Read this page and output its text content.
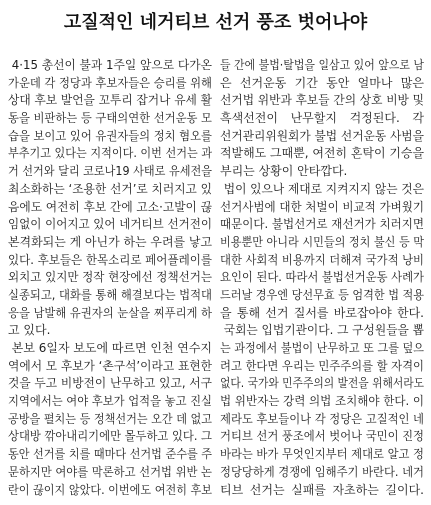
고질적인 네거티브 선거 풍조 벗어나야
4·15 총선이 불과 1주일 앞으로 다가온
가운데 각 정당과 후보자들은 승리를 위해
상대 후보 발언을 꼬투리 잡거나 유세 활
동을 비판하는 등 구태의연한 선거운동 모
습을 보이고 있어 유권자들의 정치 혐오를
부추기고 있다는 지적이다. 이번 선거는 과
거 선거와 달리 코로나19 사태로 유세전을
최소화하는 ‘조용한 선거’로 치러지고 있
음에도 여전히 후보 간에 고소·고발이 끊
임없이 이어지고 있어 네거티브 선거전이
본격화되는 게 아닌가 하는 우려를 낳고
있다. 후보들은 한목소리로 페어플레이를
외치고 있지만 정작 현장에선 정책선거는
실종되고, 대화를 통해 해결보다는 법적대
응을 남발해 유권자의 눈살을 찌푸리게 하
고 있다.
본보 6일자 보도에 따르면 인천 연수지
역에서 모 후보가 ‘촌구석’이라고 표현한
것을 두고 비방전이 난무하고 있고, 서구
지역에서는 여야 후보가 업적을 놓고 진실
공방을 펼치는 등 정책선거는 오간 데 없고
상대방 깎아내리기에만 몰두하고 있다. 그
동안 선거를 치를 때마다 선거법 준수를 주
문하지만 여야를 막론하고 선거법 위반 논
란이 끊이지 않았다. 이번에도 여전히 후보
들 간에 불법·탈법을 일삼고 있어 앞으로 남
은 선거운동 기간 동안 얼마나 많은
선거법 위반과 후보들 간의 상호 비방 및
흑색선전이 난무할지 걱정된다. 각
선거관리위원회가 불법 선거운동 사범을
적발해도 그때뿐, 여전히 혼탁이 기승을
부리는 상황이 안타깝다.
법이 있으나 제대로 지켜지지 않는 것은
선거사범에 대한 처벌이 비교적 가벼웠기
때문이다. 불법선거로 재선거가 치러지면
비용뿐만 아니라 시민들의 정치 불신 등 막
대한 사회적 비용까지 더해져 국가적 낭비
요인이 된다. 따라서 불법선거운동 사례가
드러날 경우엔 당선무효 등 엄격한 법 적용
을 통해 선거 질서를 바로잡아야 한다.
국회는 입법기관이다. 그 구성원들을 뽑
는 과정에서 불법이 난무하고 또 그를 덮으
려고 한다면 우리는 민주주의를 할 자격이
없다. 국가와 민주주의의 발전을 위해서라도
법 위반자는 강력 의법 조치해야 한다. 이
제라도 후보들이나 각 정당은 고질적인 네
거티브 선거 풍조에서 벗어나 국민이 진정
바라는 바가 무엇인지부터 제대로 알고 정
정당당하게 경쟁에 임해주기 바란다. 네거
티브 선거는 실패를 자초하는 길이다.
